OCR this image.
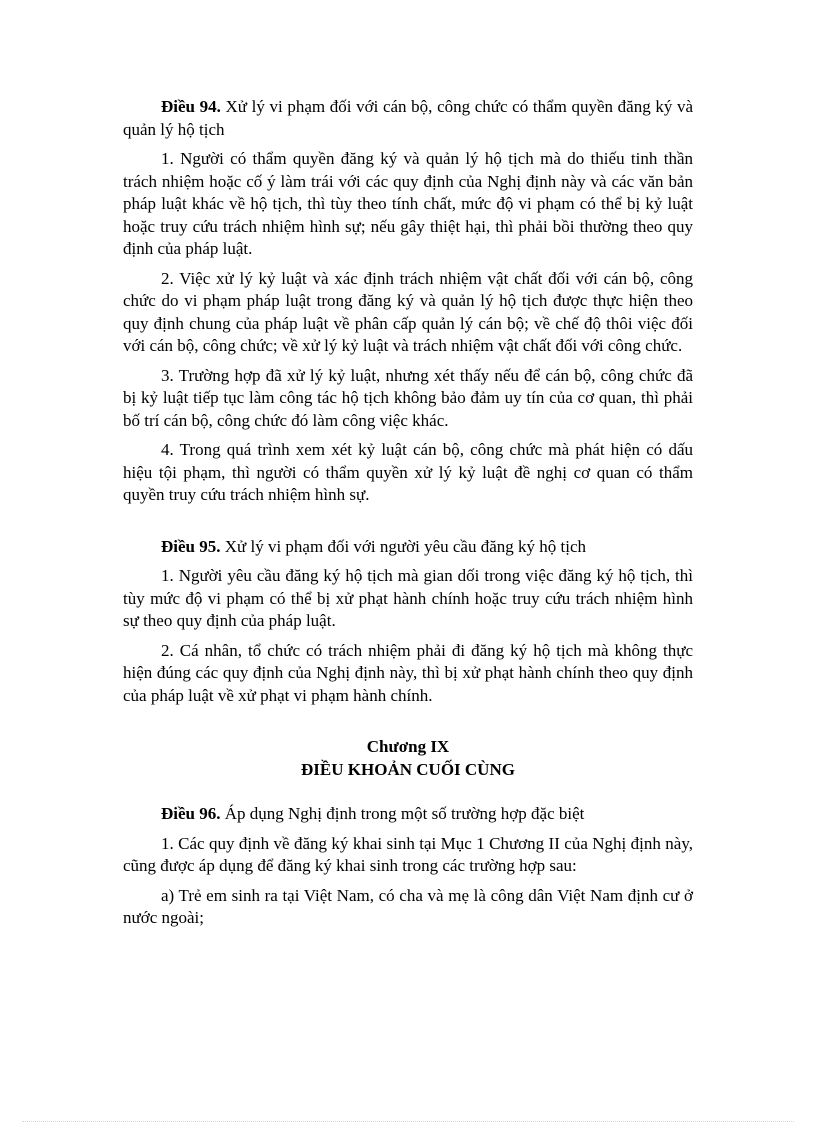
Điều 94. Xử lý vi phạm đối với cán bộ, công chức có thẩm quyền đăng ký và quản lý hộ tịch

1. Người có thẩm quyền đăng ký và quản lý hộ tịch mà do thiếu tinh thần trách nhiệm hoặc cố ý làm trái với các quy định của Nghị định này và các văn bản pháp luật khác về hộ tịch, thì tùy theo tính chất, mức độ vi phạm có thể bị kỷ luật hoặc truy cứu trách nhiệm hình sự; nếu gây thiệt hại, thì phải bồi thường theo quy định của pháp luật.

2. Việc xử lý kỷ luật và xác định trách nhiệm vật chất đối với cán bộ, công chức do vi phạm pháp luật trong đăng ký và quản lý hộ tịch được thực hiện theo quy định chung của pháp luật về phân cấp quản lý cán bộ; về chế độ thôi việc đối với cán bộ, công chức; về xử lý kỷ luật và trách nhiệm vật chất đối với công chức.

3. Trường hợp đã xử lý kỷ luật, nhưng xét thấy nếu để cán bộ, công chức đã bị kỷ luật tiếp tục làm công tác hộ tịch không bảo đảm uy tín của cơ quan, thì phải bố trí cán bộ, công chức đó làm công việc khác.

4. Trong quá trình xem xét kỷ luật cán bộ, công chức mà phát hiện có dấu hiệu tội phạm, thì người có thẩm quyền xử lý kỷ luật đề nghị cơ quan có thẩm quyền truy cứu trách nhiệm hình sự.

Điều 95. Xử lý vi phạm đối với người yêu cầu đăng ký hộ tịch

1. Người yêu cầu đăng ký hộ tịch mà gian dối trong việc đăng ký hộ tịch, thì tùy mức độ vi phạm có thể bị xử phạt hành chính hoặc truy cứu trách nhiệm hình sự theo quy định của pháp luật.

2. Cá nhân, tổ chức có trách nhiệm phải đi đăng ký hộ tịch mà không thực hiện đúng các quy định của Nghị định này, thì bị xử phạt hành chính theo quy định của pháp luật về xử phạt vi phạm hành chính.

Chương IX

ĐIỀU KHOẢN CUỐI CÙNG

Điều 96. Áp dụng Nghị định trong một số trường hợp đặc biệt

1. Các quy định về đăng ký khai sinh tại Mục 1 Chương II của Nghị định này, cũng được áp dụng để đăng ký khai sinh trong các trường hợp sau:

a) Trẻ em sinh ra tại Việt Nam, có cha và mẹ là công dân Việt Nam định cư ở nước ngoài;
